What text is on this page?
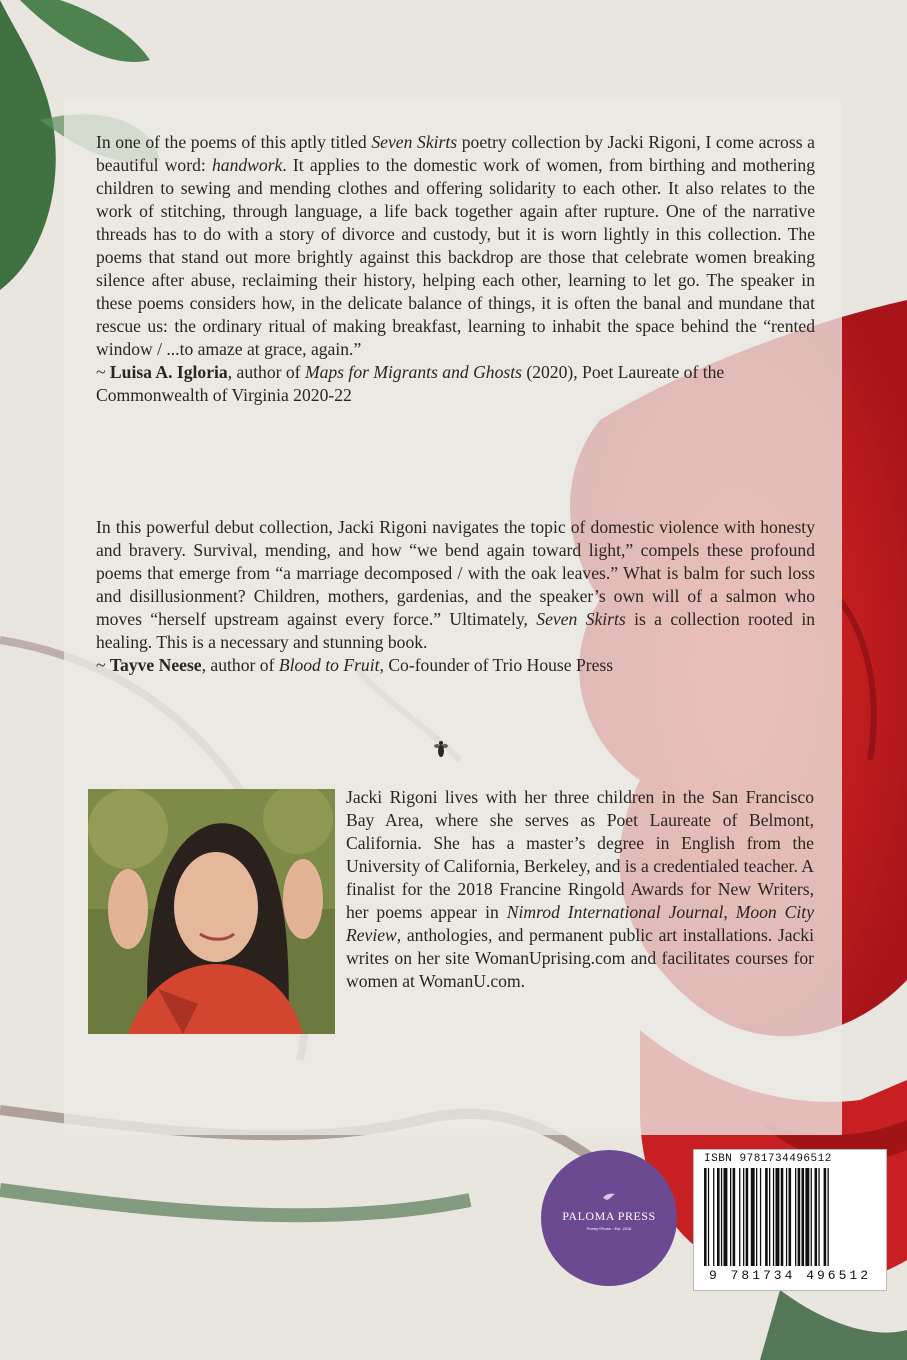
In one of the poems of this aptly titled Seven Skirts poetry collection by Jacki Rigoni, I come across a beautiful word: handwork. It applies to the domestic work of women, from birthing and mothering children to sewing and mending clothes and offering solidarity to each other. It also relates to the work of stitching, through language, a life back together again after rupture. One of the narrative threads has to do with a story of divorce and custody, but it is worn lightly in this collection. The poems that stand out more brightly against this backdrop are those that celebrate women breaking silence after abuse, reclaiming their history, helping each other, learning to let go. The speaker in these poems considers how, in the delicate balance of things, it is often the banal and mundane that rescue us: the ordinary ritual of making breakfast, learning to inhabit the space behind the “rented window / ...to amaze at grace, again.”

~ Luisa A. Igloria, author of Maps for Migrants and Ghosts (2020), Poet Laureate of the Commonwealth of Virginia 2020-22

In this powerful debut collection, Jacki Rigoni navigates the topic of domestic violence with honesty and bravery. Survival, mending, and how “we bend again toward light,” compels these profound poems that emerge from “a marriage decomposed / with the oak leaves.” What is balm for such loss and disillusionment? Children, mothers, gardenias, and the speaker’s own will of a salmon who moves “herself upstream against every force.” Ultimately, Seven Skirts is a collection rooted in healing. This is a necessary and stunning book.

~ Tayve Neese, author of Blood to Fruit, Co-founder of Trio House Press

Jacki Rigoni lives with her three children in the San Francisco Bay Area, where she serves as Poet Laureate of Belmont, California. She has a master’s degree in English from the University of California, Berkeley, and is a credentialed teacher. A finalist for the 2018 Francine Ringold Awards for New Writers, her poems appear in Nimrod International Journal, Moon City Review, anthologies, and permanent public art installations. Jacki writes on her site WomanUprising.com and facilitates courses for women at WomanU.com.

PALOMA PRESS
Poetry+Prose · Est. 2016
ISBN 9781734496512
9 781734 496512
